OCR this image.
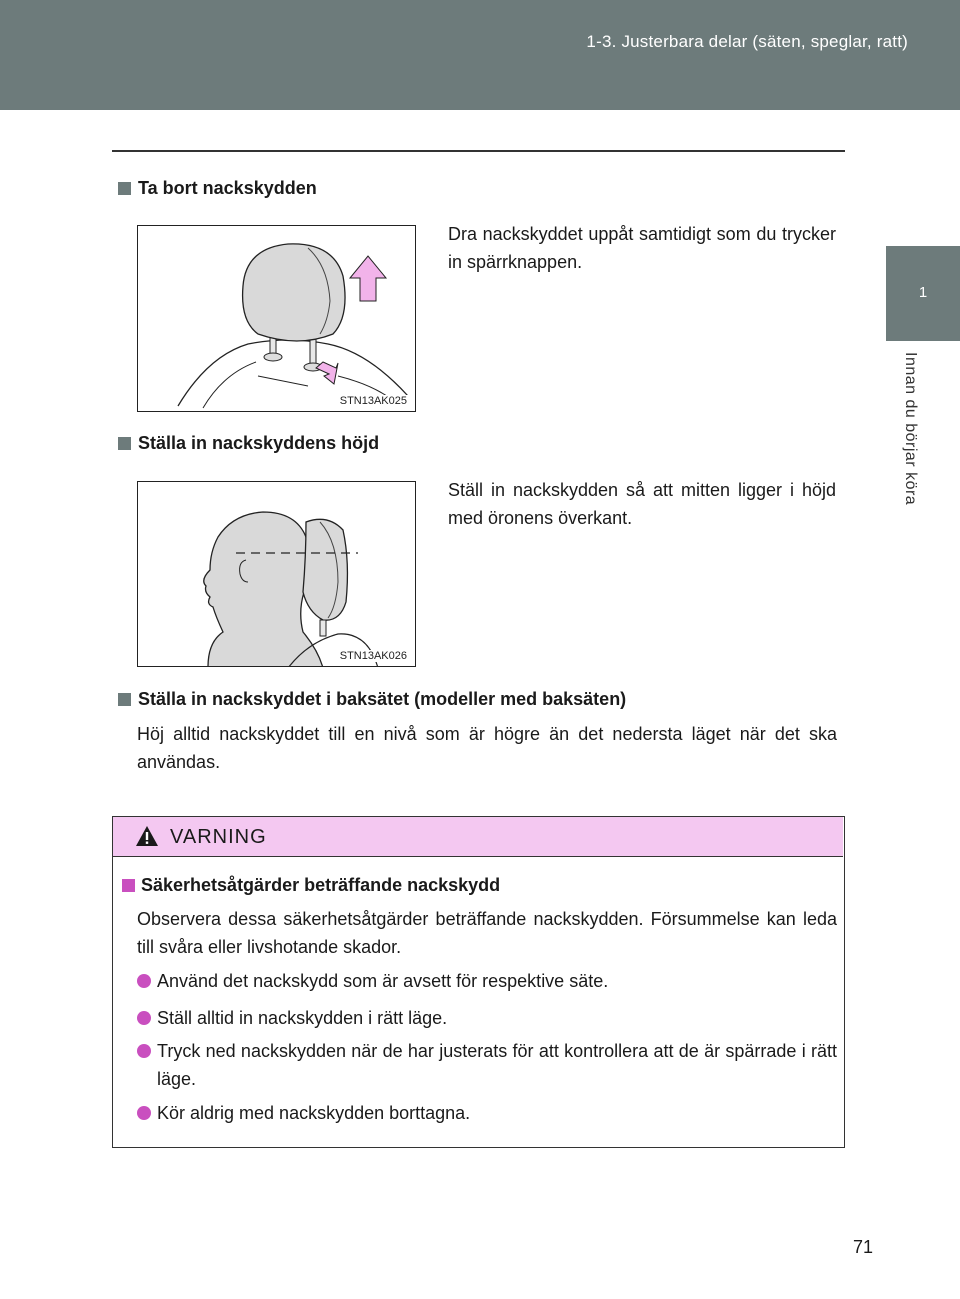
1-3. Justerbara delar (säten, speglar, ratt)
1
Innan du börjar köra
Ta bort nackskydden
STN13AK025
Dra nackskyddet uppåt samtidigt som du trycker in spärrknappen.
Ställa in nackskyddens höjd
STN13AK026
Ställ in nackskydden så att mitten ligger i höjd med öronens överkant.
Ställa in nackskyddet i baksätet (modeller med baksäten)
Höj alltid nackskyddet till en nivå som är högre än det nedersta läget när det ska användas.
VARNING
Säkerhetsåtgärder beträffande nackskydd
Observera dessa säkerhetsåtgärder beträffande nackskydden. Försummelse kan leda till svåra eller livshotande skador.
Använd det nackskydd som är avsett för respektive säte.
Ställ alltid in nackskydden i rätt läge.
Tryck ned nackskydden när de har justerats för att kontrollera att de är spärrade i rätt läge.
Kör aldrig med nackskydden borttagna.
71
